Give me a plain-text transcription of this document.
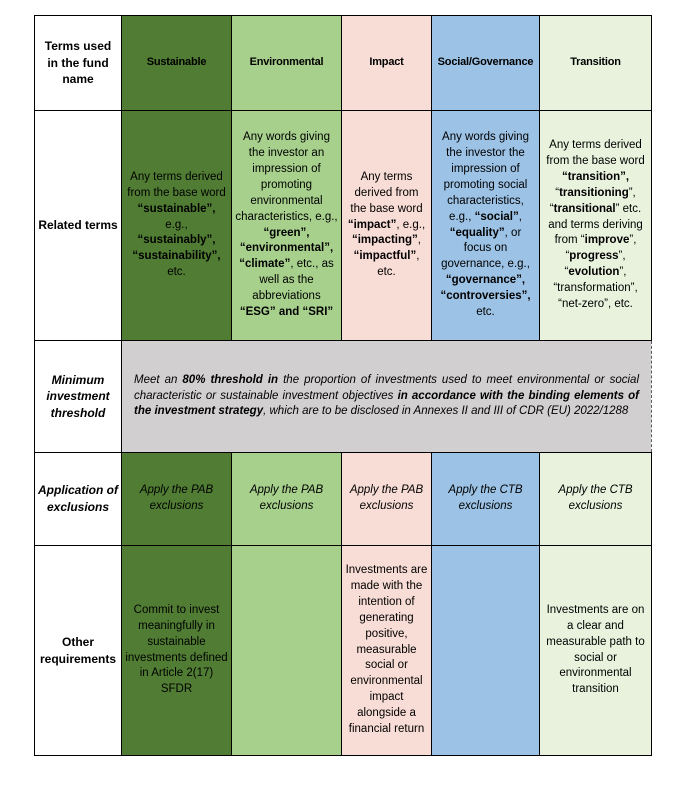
Terms used in the fund name	Sustainable	Environmental	Impact	Social/Governance	Transition
Related terms	Any terms derived from the base word “sustainable”, e.g., “sustainably”, “sustainability”, etc.	Any words giving the investor an impression of promoting environmental characteristics, e.g., “green”, “environmental”, “climate”, etc., as well as the abbreviations “ESG” and “SRI”	Any terms derived from the base word “impact”, e.g., “impacting”, “impactful”, etc.	Any words giving the investor the impression of promoting social characteristics, e.g., “social”, “equality”, or focus on governance, e.g., “governance”, “controversies”, etc.	Any terms derived from the base word “transition”, “transitioning”, “transitional” etc. and terms deriving from “improve”, “progress”, “evolution”, “transformation”, “net-zero”, etc.
Minimum investment threshold	Meet an 80% threshold in the proportion of investments used to meet environmental or social characteristic or sustainable investment objectives in accordance with the binding elements of the investment strategy, which are to be disclosed in Annexes II and III of CDR (EU) 2022/1288				
Application of exclusions	Apply the PAB exclusions	Apply the PAB exclusions	Apply the PAB exclusions	Apply the CTB exclusions	Apply the CTB exclusions
Other requirements	Commit to invest meaningfully in sustainable investments defined in Article 2(17) SFDR		Investments are made with the intention of generating positive, measurable social or environmental impact alongside a financial return		Investments are on a clear and measurable path to social or environmental transition
